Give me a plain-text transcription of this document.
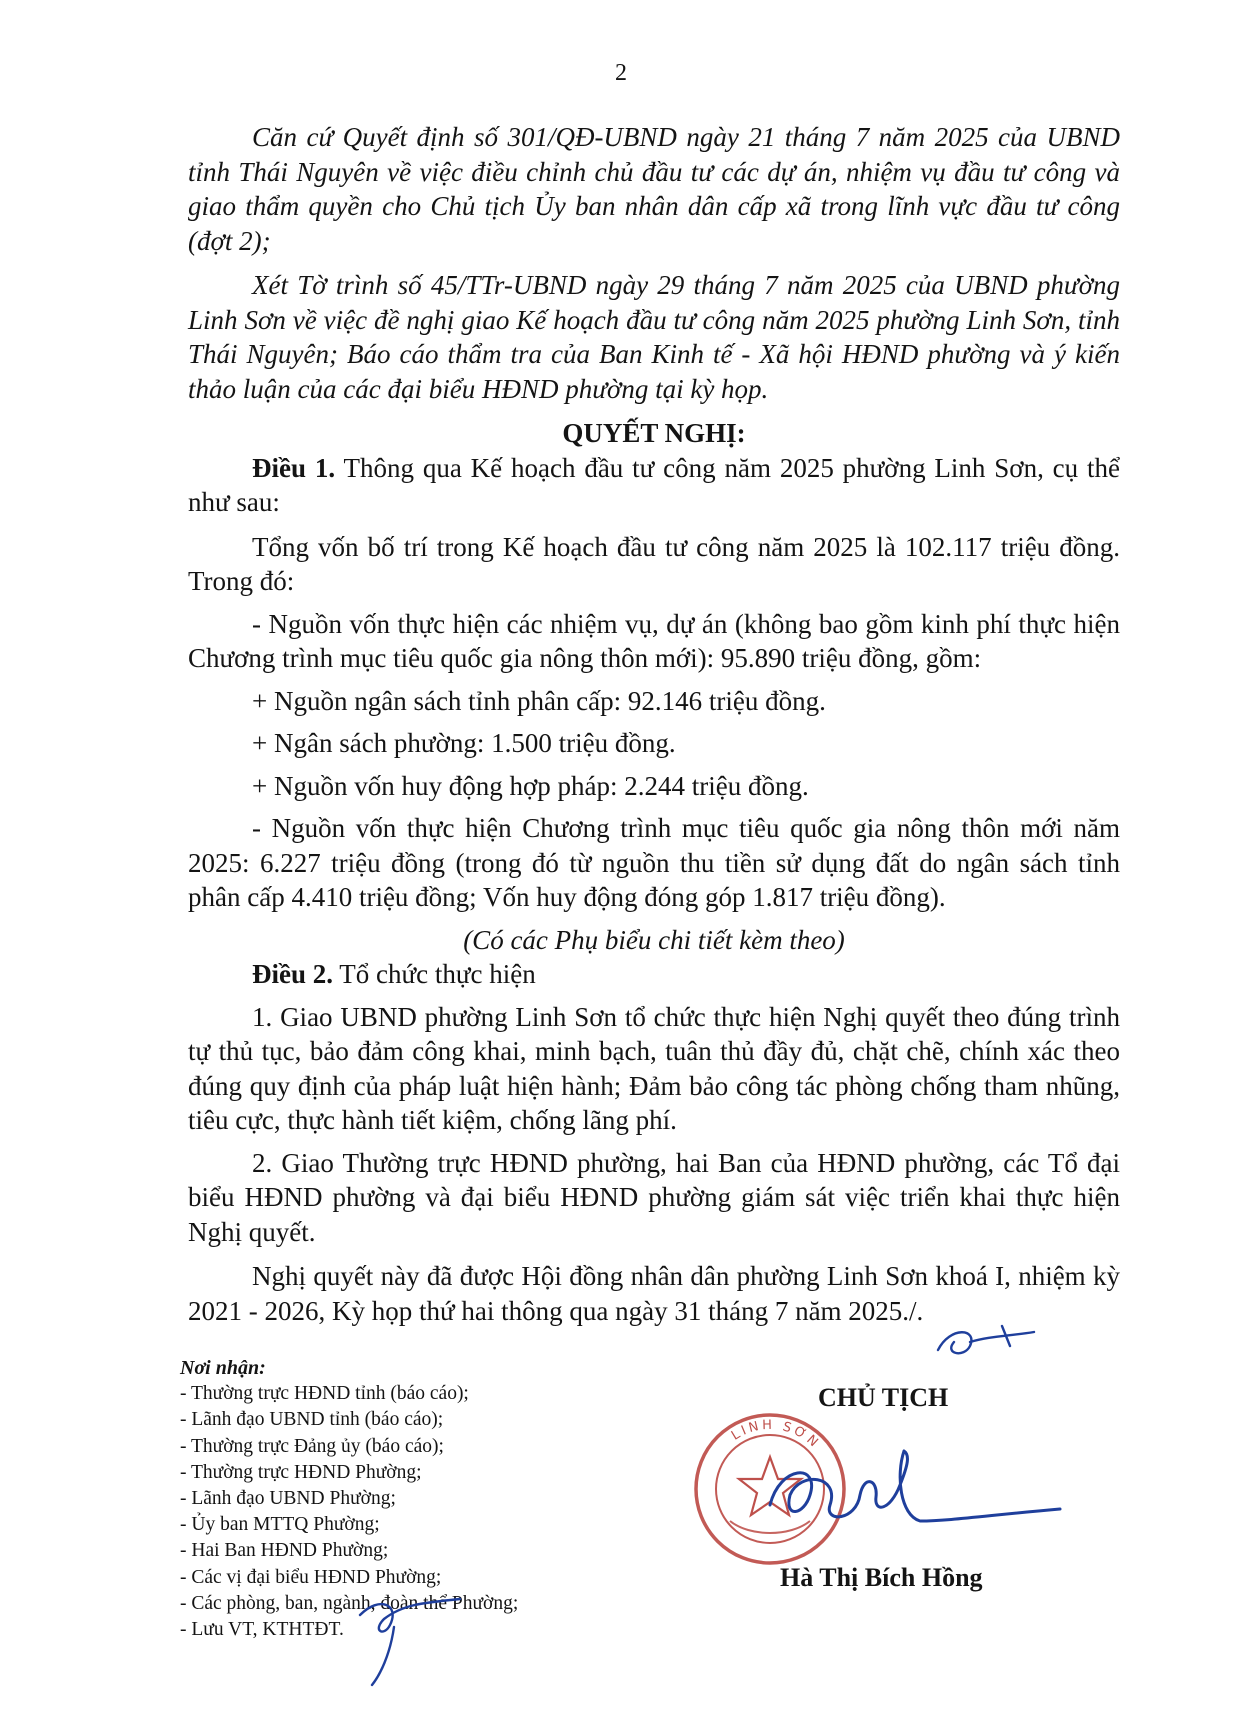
2

Căn cứ Quyết định số 301/QĐ-UBND ngày 21 tháng 7 năm 2025 của UBND tỉnh Thái Nguyên về việc điều chỉnh chủ đầu tư các dự án, nhiệm vụ đầu tư công và giao thẩm quyền cho Chủ tịch Ủy ban nhân dân cấp xã trong lĩnh vực đầu tư công (đợt 2);

Xét Tờ trình số 45/TTr-UBND ngày 29 tháng 7 năm 2025 của UBND phường Linh Sơn về việc đề nghị giao Kế hoạch đầu tư công năm 2025 phường Linh Sơn, tỉnh Thái Nguyên; Báo cáo thẩm tra của Ban Kinh tế - Xã hội HĐND phường và ý kiến thảo luận của các đại biểu HĐND phường tại kỳ họp.

QUYẾT NGHỊ:

Điều 1. Thông qua Kế hoạch đầu tư công năm 2025 phường Linh Sơn, cụ thể như sau:

Tổng vốn bố trí trong Kế hoạch đầu tư công năm 2025 là 102.117 triệu đồng. Trong đó:

- Nguồn vốn thực hiện các nhiệm vụ, dự án (không bao gồm kinh phí thực hiện Chương trình mục tiêu quốc gia nông thôn mới): 95.890 triệu đồng, gồm:

+ Nguồn ngân sách tỉnh phân cấp: 92.146 triệu đồng.

+ Ngân sách phường: 1.500 triệu đồng.

+ Nguồn vốn huy động hợp pháp: 2.244 triệu đồng.

- Nguồn vốn thực hiện Chương trình mục tiêu quốc gia nông thôn mới năm 2025: 6.227 triệu đồng (trong đó từ nguồn thu tiền sử dụng đất do ngân sách tỉnh phân cấp 4.410 triệu đồng; Vốn huy động đóng góp 1.817 triệu đồng).

(Có các Phụ biểu chi tiết kèm theo)

Điều 2. Tổ chức thực hiện

1. Giao UBND phường Linh Sơn tổ chức thực hiện Nghị quyết theo đúng trình tự thủ tục, bảo đảm công khai, minh bạch, tuân thủ đầy đủ, chặt chẽ, chính xác theo đúng quy định của pháp luật hiện hành; Đảm bảo công tác phòng chống tham nhũng, tiêu cực, thực hành tiết kiệm, chống lãng phí.

2. Giao Thường trực HĐND phường, hai Ban của HĐND phường, các Tổ đại biểu HĐND phường và đại biểu HĐND phường giám sát việc triển khai thực hiện Nghị quyết.

Nghị quyết này đã được Hội đồng nhân dân phường Linh Sơn khoá I, nhiệm kỳ 2021 - 2026, Kỳ họp thứ hai thông qua ngày 31 tháng 7 năm 2025./.

Nơi nhận:
- Thường trực HĐND tỉnh (báo cáo);
- Lãnh đạo UBND tỉnh (báo cáo);
- Thường trực Đảng ủy (báo cáo);
- Thường trực HĐND Phường;
- Lãnh đạo UBND Phường;
- Ủy ban MTTQ Phường;
- Hai Ban HĐND Phường;
- Các vị đại biểu HĐND Phường;
- Các phòng, ban, ngành, đoàn thể Phường;
- Lưu VT, KTHTĐT.
CHỦ TỊCH
LINH SƠN
Hà Thị Bích Hồng
